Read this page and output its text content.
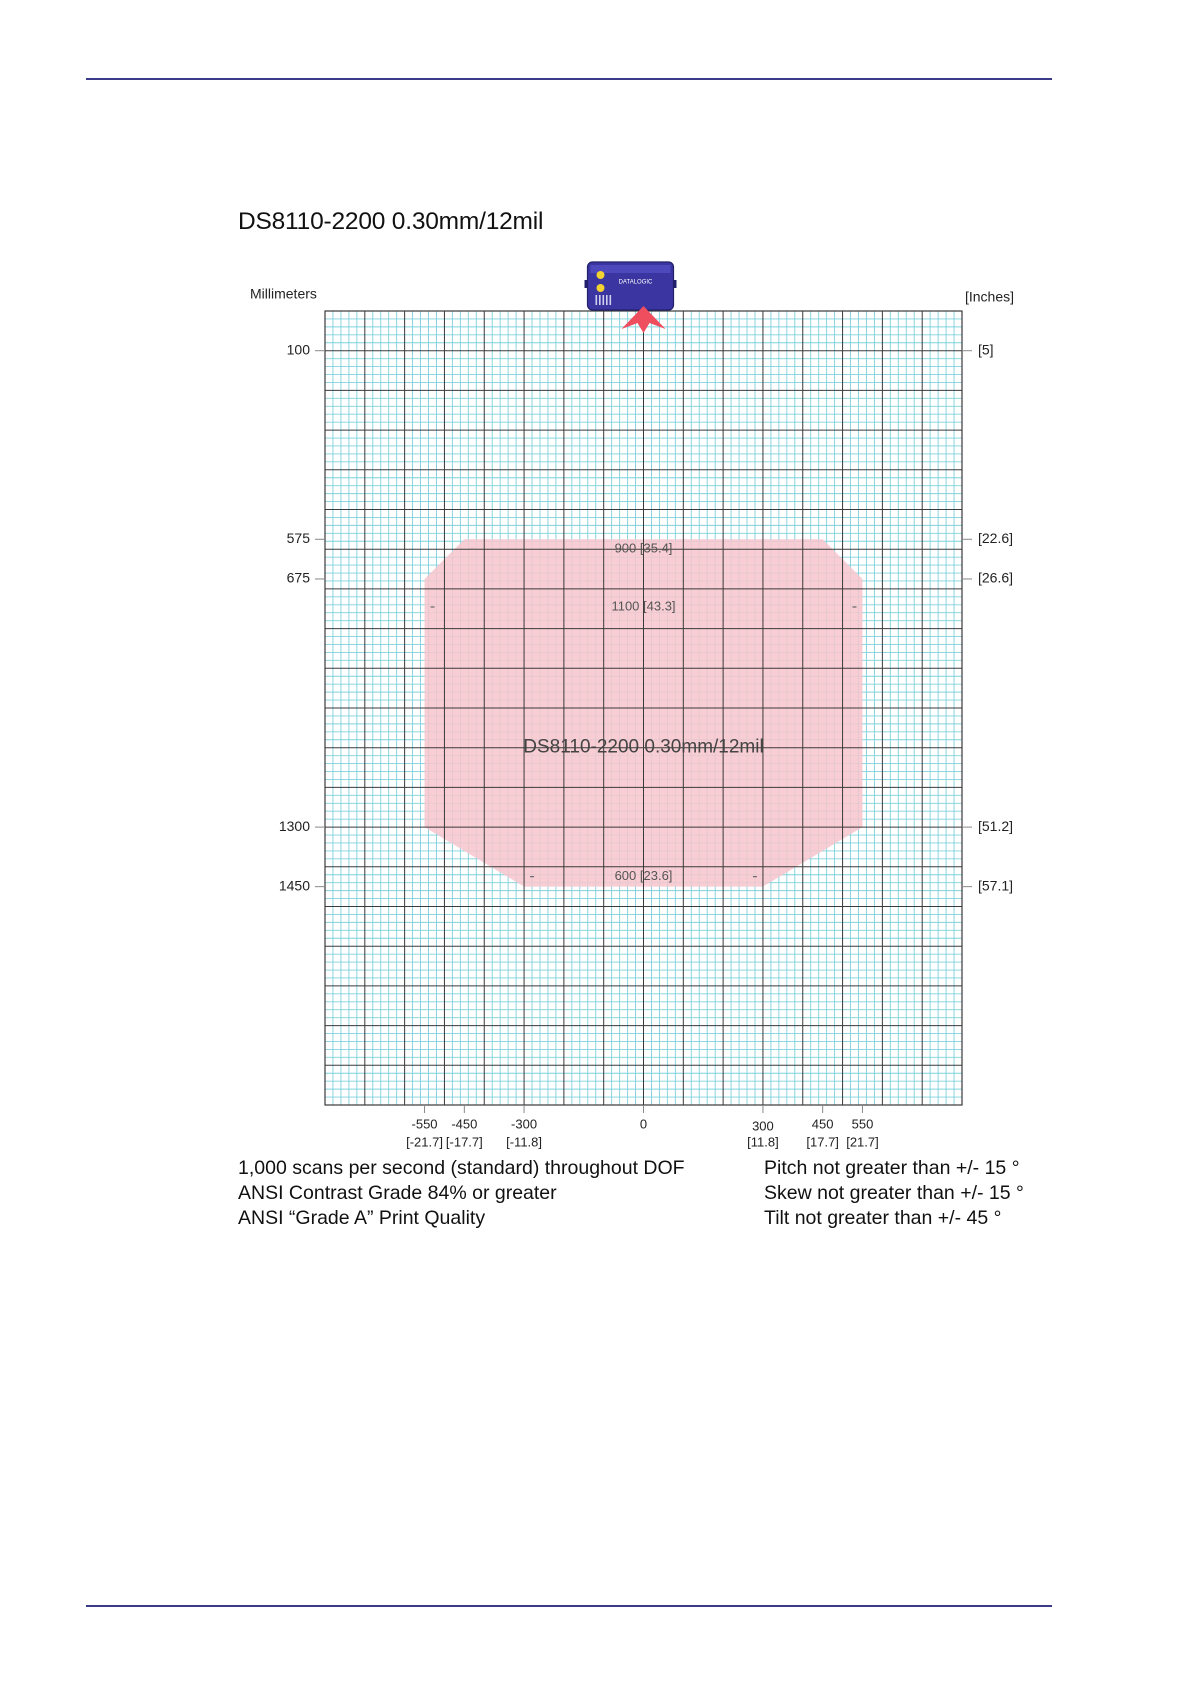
DS8110-2200 0.30mm/12mil
Millimeters	[Inches]
100	[5]
575	[22.6]
675	[26.6]
1300	[51.2]
1450	[57.1]
-550
[-21.7]
-450
[-17.7]
-300
[-11.8]
0	300
[11.8]
450
[17.7]
550
[21.7]
900 [35.4]
1100 [43.3]
600 [23.6]
DS8110-2200 0.30mm/12mil
DATALOGIC
1,000 scans per second (standard) throughout DOF
ANSI Contrast Grade 84% or greater
ANSI “Grade A” Print Quality
Pitch not greater than +/- 15 °
Skew not greater than +/- 15 °
Tilt not greater than +/- 45 °
